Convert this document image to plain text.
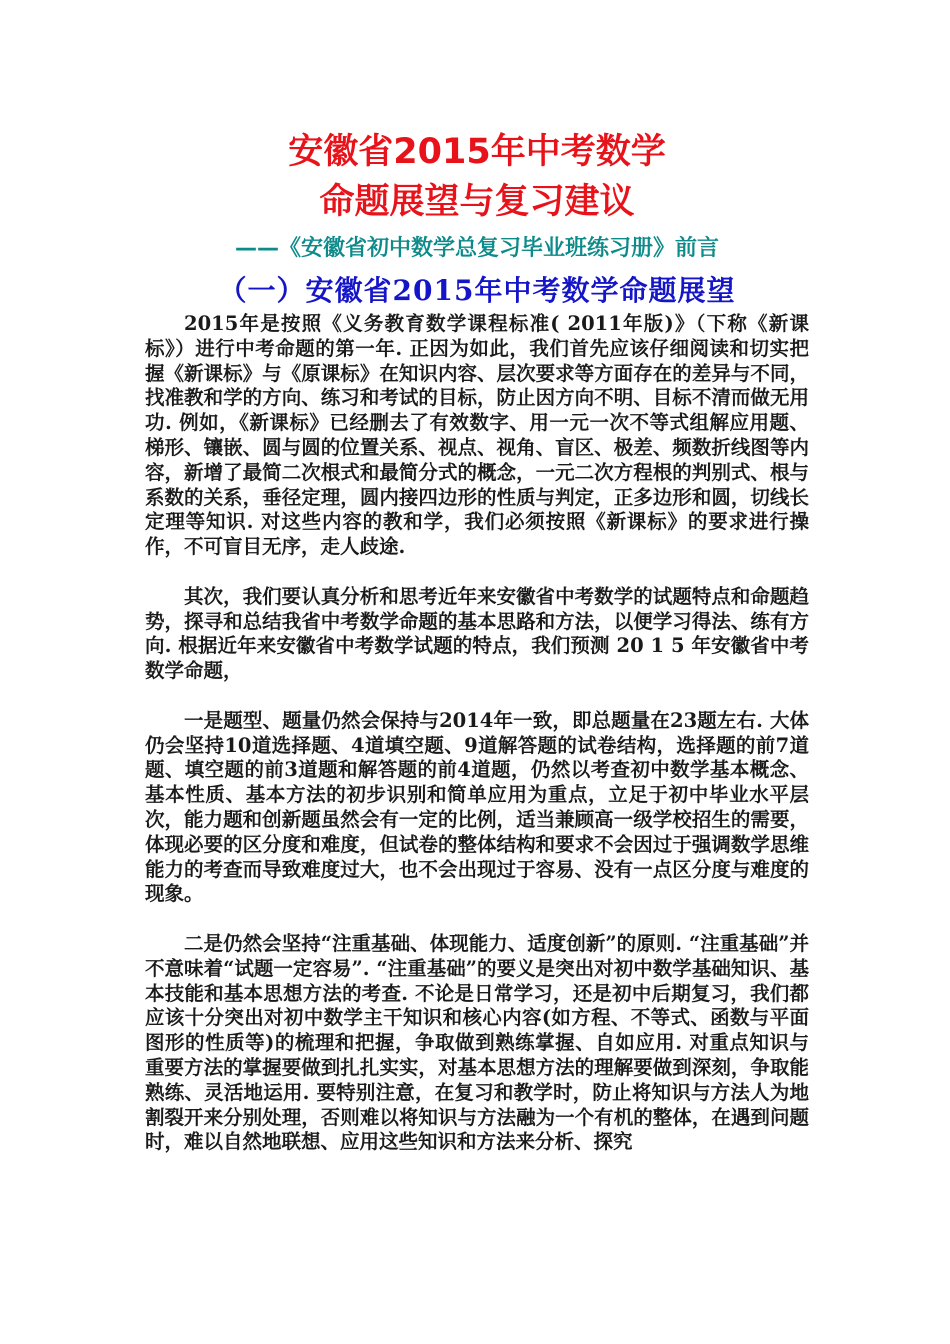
安徽省2015年中考数学
命题展望与复习建议
——《安徽省初中数学总复习毕业班练习册》前言
（一）安徽省2015年中考数学命题展望

2015年是按照《义务教育数学课程标准( 2011年版)》（下称《新课标》）进行中考命题的第一年. 正因为如此，我们首先应该仔细阅读和切实把握《新课标》与《原课标》在知识内容、层次要求等方面存在的差异与不同，找准教和学的方向、练习和考试的目标，防止因方向不明、目标不清而做无用功. 例如，《新课标》已经删去了有效数字、用一元一次不等式组解应用题、梯形、镶嵌、圆与圆的位置关系、视点、视角、盲区、极差、频数折线图等内容，新增了最简二次根式和最简分式的概念，一元二次方程根的判别式、根与系数的关系，垂径定理，圆内接四边形的性质与判定，正多边形和圆，切线长定理等知识. 对这些内容的教和学，我们必须按照《新课标》的要求进行操作，不可盲目无序，走人歧途.

其次，我们要认真分析和思考近年来安徽省中考数学的试题特点和命题趋势，探寻和总结我省中考数学命题的基本思路和方法，以便学习得法、练有方向. 根据近年来安徽省中考数学试题的特点，我们预测 20 1 5 年安徽省中考数学命题，

一是题型、题量仍然会保持与2014年一致，即总题量在23题左右. 大体仍会坚持10道选择题、4道填空题、9道解答题的试卷结构，选择题的前7道题、填空题的前3道题和解答题的前4道题，仍然以考查初中数学基本概念、基本性质、基本方法的初步识别和简单应用为重点，立足于初中毕业水平层次，能力题和创新题虽然会有一定的比例，适当兼顾高一级学校招生的需要，体现必要的区分度和难度，但试卷的整体结构和要求不会因过于强调数学思维能力的考查而导致难度过大，也不会出现过于容易、没有一点区分度与难度的现象。

二是仍然会坚持“注重基础、体现能力、适度创新”的原则. “注重基础”并不意味着“试题一定容易”. “注重基础”的要义是突出对初中数学基础知识、基本技能和基本思想方法的考查. 不论是日常学习，还是初中后期复习，我们都应该十分突出对初中数学主干知识和核心内容(如方程、不等式、函数与平面图形的性质等)的梳理和把握，争取做到熟练掌握、自如应用. 对重点知识与重要方法的掌握要做到扎扎实实，对基本思想方法的理解要做到深刻，争取能熟练、灵活地运用. 要特别注意，在复习和教学时，防止将知识与方法人为地割裂开来分别处理，否则难以将知识与方法融为一个有机的整体，在遇到问题时，难以自然地联想、应用这些知识和方法来分析、探究
